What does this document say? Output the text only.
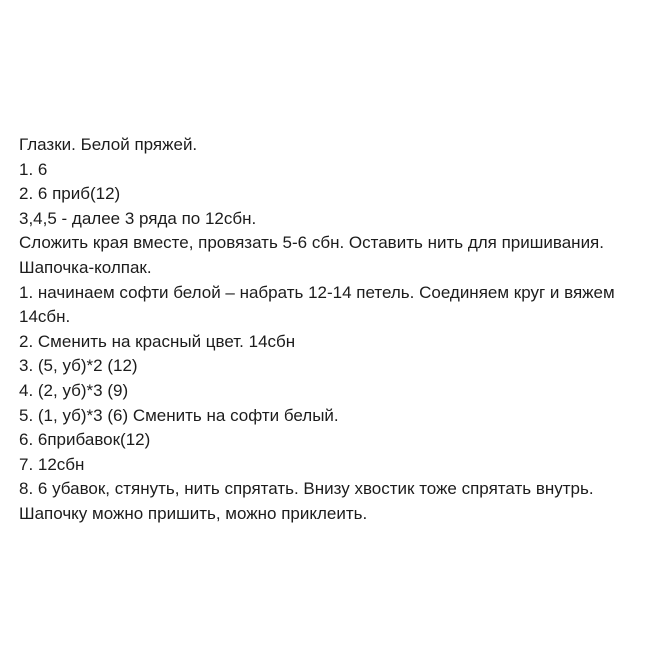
Глазки. Белой пряжей.
1. 6
2. 6 приб(12)
3,4,5 - далее 3 ряда по 12сбн.
Сложить края вместе, провязать 5-6 сбн. Оставить нить для пришивания.
Шапочка-колпак.
1. начинаем софти белой – набрать 12-14 петель. Соединяем круг и вяжем
14сбн.
2. Сменить на красный цвет. 14сбн
3. (5, уб)*2 (12)
4. (2, уб)*3 (9)
5. (1, уб)*3 (6) Сменить на софти белый.
6. 6прибавок(12)
7. 12сбн
8. 6 убавок, стянуть, нить спрятать. Внизу хвостик тоже спрятать внутрь.
Шапочку можно пришить, можно приклеить.
